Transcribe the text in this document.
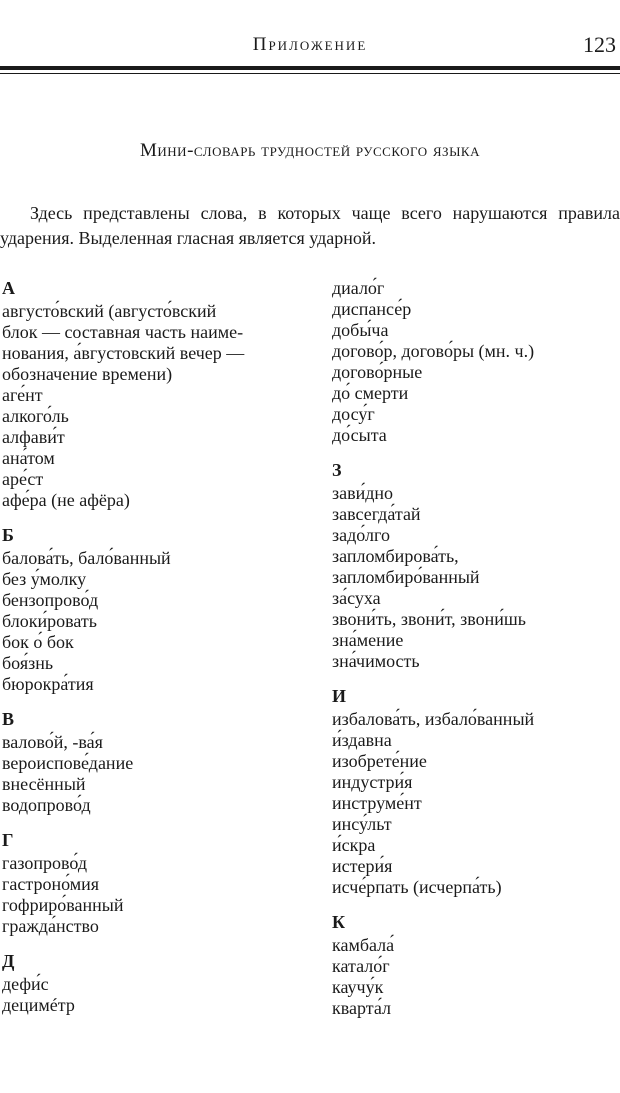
Приложение	123
Мини-словарь трудностей русского языка

Здесь представлены слова, в которых чаще всего нарушаются правила ударения. Выделенная гласная является ударной.

А
августо́вский (августо́вский
блок — составная часть наиме-
нования, а́вгустовский вечер —
обозначение времени)
аге́нт
алкого́ль
алфави́т
ана́том
аре́ст
афе́ра (не афёра)
Б
балова́ть, бало́ванный
без у́молку
бензопрово́д
блоки́ровать
бок о́ бок
боя́знь
бюрокра́тия
В
валово́й, -ва́я
вероиспове́дание
внесённый
водопрово́д
Г
газопрово́д
гастроно́мия
гофриро́ванный
гражда́нство
Д
дефи́с
децимéтр
диало́г
диспансе́р
добы́ча
догово́р, догово́ры (мн. ч.)
догово́рные
до́ смерти
досу́г
до́сыта
З
зави́дно
завсегда́тай
задо́лго
запломбирова́ть,
запломбиро́ванный
за́суха
звони́ть, звони́т, звони́шь
зна́мение
зна́чимость
И
избалова́ть, избало́ванный
и́здавна
изобрете́ние
индустри́я
инструме́нт
инсу́льт
и́скра
истери́я
исче́рпать (исчерпа́ть)
К
камбала́
катало́г
каучу́к
кварта́л
